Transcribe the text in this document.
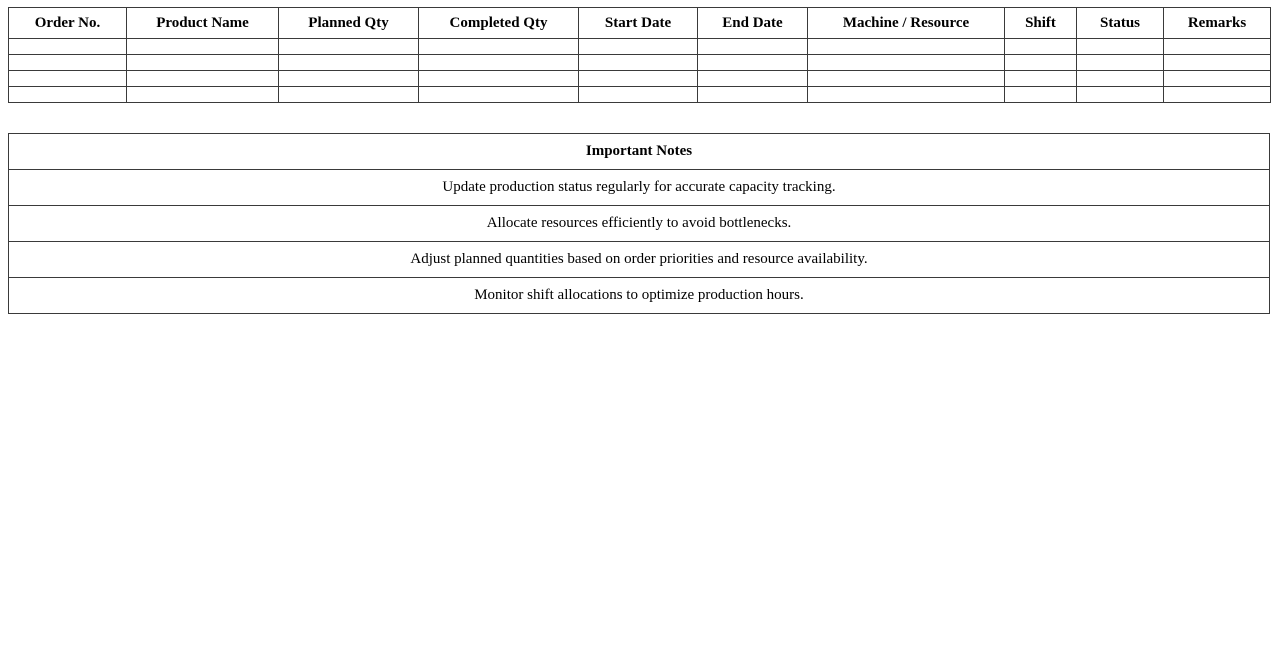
Order No.	Product Name	Planned Qty	Completed Qty	Start Date	End Date	Machine / Resource	Shift	Status	Remarks

Important Notes
Update production status regularly for accurate capacity tracking.
Allocate resources efficiently to avoid bottlenecks.
Adjust planned quantities based on order priorities and resource availability.
Monitor shift allocations to optimize production hours.
